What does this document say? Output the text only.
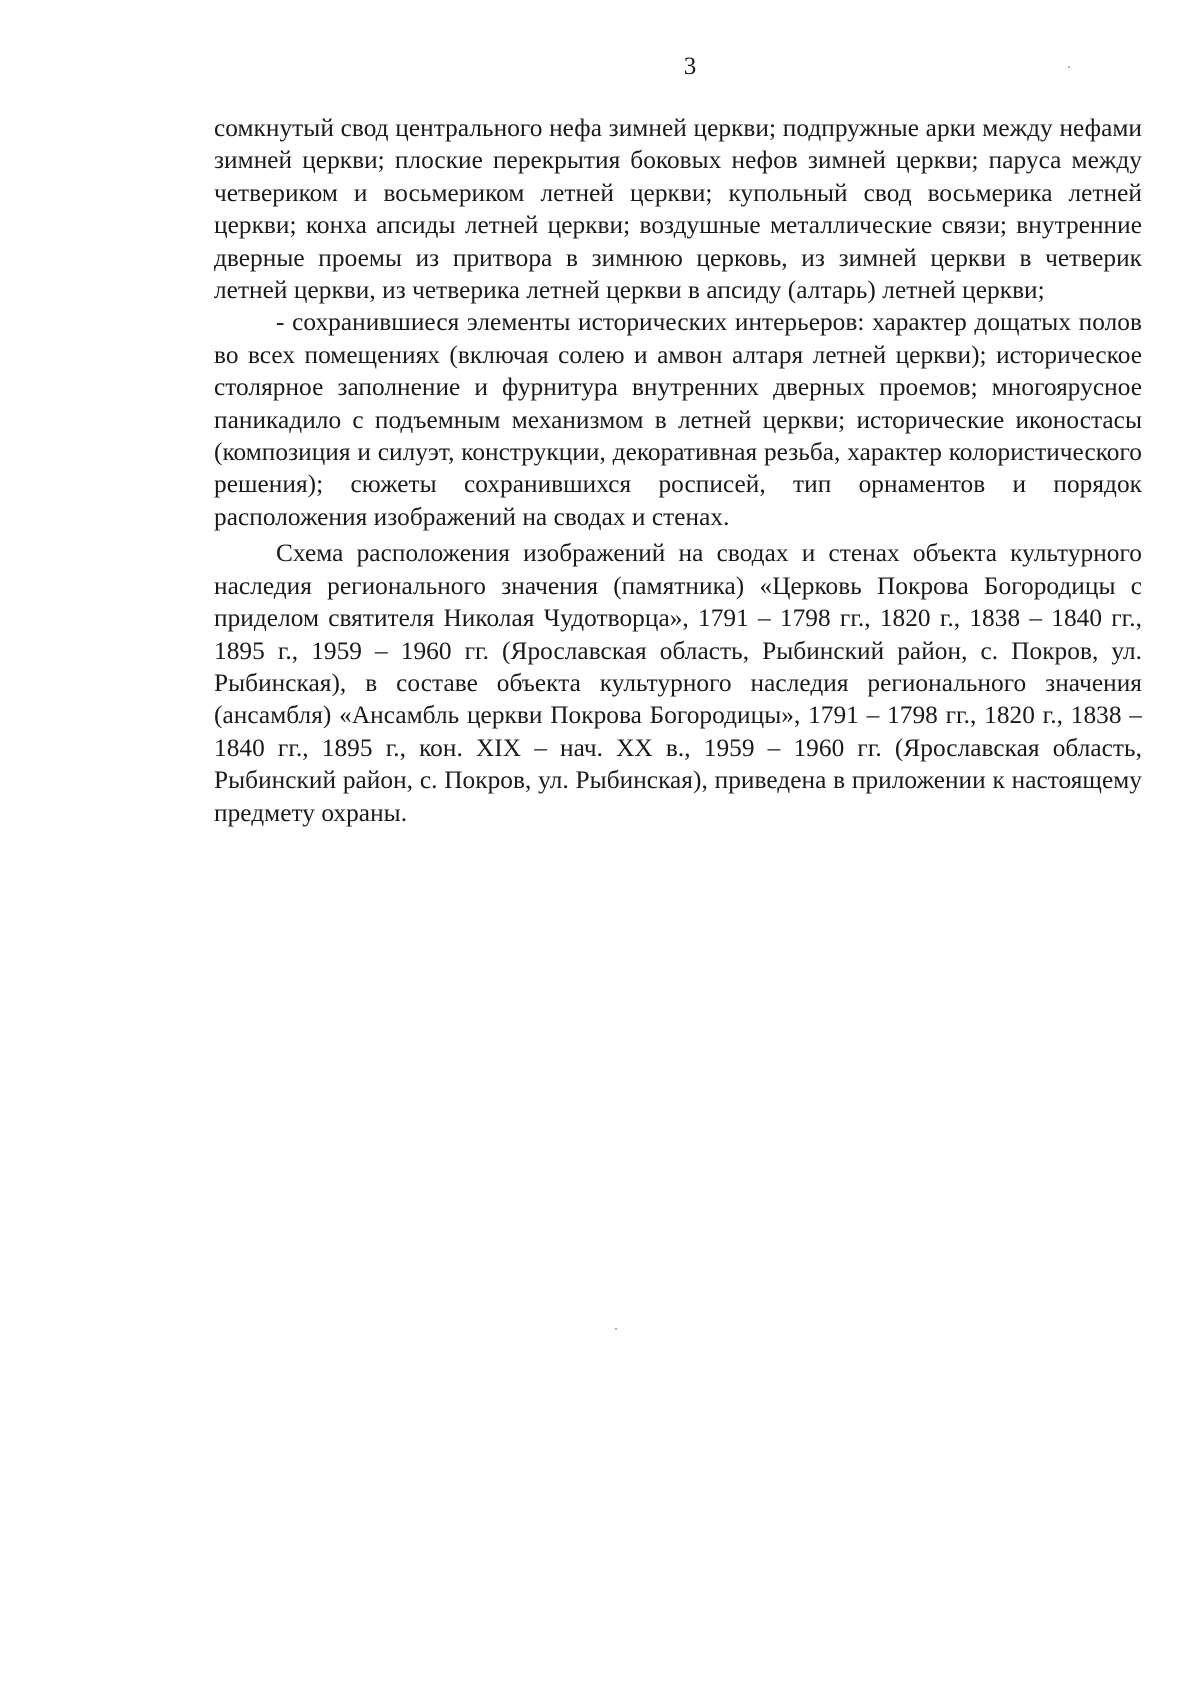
3

сомкнутый свод центрального нефа зимней церкви; подпружные арки между нефами зимней церкви; плоские перекрытия боковых нефов зимней церкви; паруса между четвериком и восьмериком летней церкви; купольный свод восьмерика летней церкви; конха апсиды летней церкви; воздушные металлические связи; внутренние дверные проемы из притвора в зимнюю церковь, из зимней церкви в четверик летней церкви, из четверика летней церкви в апсиду (алтарь) летней церкви;

- сохранившиеся элементы исторических интерьеров: характер дощатых полов во всех помещениях (включая солею и амвон алтаря летней церкви); историческое столярное заполнение и фурнитура внутренних дверных проемов; многоярусное паникадило с подъемным механизмом в летней церкви; исторические иконостасы (композиция и силуэт, конструкции, декоративная резьба, характер колористического решения); сюжеты сохранившихся росписей, тип орнаментов и порядок расположения изображений на сводах и стенах.

Схема расположения изображений на сводах и стенах объекта культурного наследия регионального значения (памятника) «Церковь Покрова Богородицы с приделом святителя Николая Чудотворца», 1791 – 1798 гг., 1820 г., 1838 – 1840 гг., 1895 г., 1959 – 1960 гг. (Ярославская область, Рыбинский район, с. Покров, ул. Рыбинская), в составе объекта культурного наследия регионального значения (ансамбля) «Ансамбль церкви Покрова Богородицы», 1791 – 1798 гг., 1820 г., 1838 – 1840 гг., 1895 г., кон. XIX – нач. XX в., 1959 – 1960 гг. (Ярославская область, Рыбинский район, с. Покров, ул. Рыбинская), приведена в приложении к настоящему предмету охраны.
